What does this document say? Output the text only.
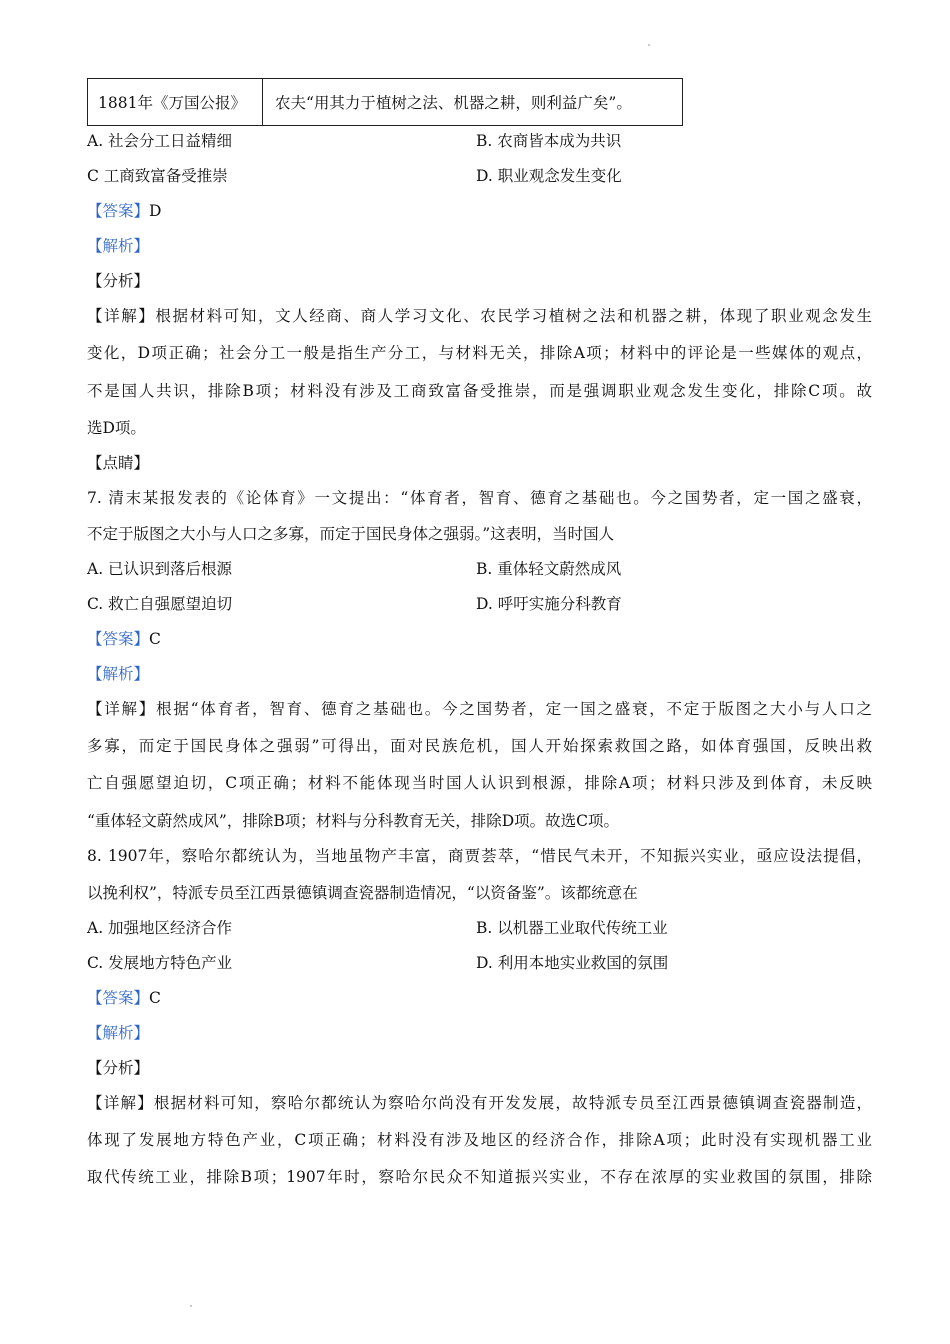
1881年《万国公报》	农夫“用其力于植树之法、机器之耕，则利益广矣”。
A. 社会分工日益精细	B. 农商皆本成为共识
C 工商致富备受推崇	D. 职业观念发生变化
【答案】D
【解析】
【分析】
【详解】根据材料可知，文人经商、商人学习文化、农民学习植树之法和机器之耕，体现了职业观念发生
变化，D项正确；社会分工一般是指生产分工，与材料无关，排除A项；材料中的评论是一些媒体的观点，
不是国人共识，排除B项；材料没有涉及工商致富备受推崇，而是强调职业观念发生变化，排除C项。故
选D项。
【点睛】
7. 清末某报发表的《论体育》一文提出：“体育者，智育、德育之基础也。今之国势者，定一国之盛衰，
不定于版图之大小与人口之多寡，而定于国民身体之强弱。”这表明，当时国人
A. 已认识到落后根源	B. 重体轻文蔚然成风
C. 救亡自强愿望迫切	D. 呼吁实施分科教育
【答案】C
【解析】
【详解】根据“体育者，智育、德育之基础也。今之国势者，定一国之盛衰，不定于版图之大小与人口之
多寡，而定于国民身体之强弱”可得出，面对民族危机，国人开始探索救国之路，如体育强国，反映出救
亡自强愿望迫切，C项正确；材料不能体现当时国人认识到根源，排除A项；材料只涉及到体育，未反映
“重体轻文蔚然成风”，排除B项；材料与分科教育无关，排除D项。故选C项。
8. 1907年，察哈尔都统认为，当地虽物产丰富，商贾荟萃，“惜民气未开，不知振兴实业，亟应设法提倡，
以挽利权”，特派专员至江西景德镇调查瓷器制造情况，“以资备鉴”。该都统意在
A. 加强地区经济合作	B. 以机器工业取代传统工业
C. 发展地方特色产业	D. 利用本地实业救国的氛围
【答案】C
【解析】
【分析】
【详解】根据材料可知，察哈尔都统认为察哈尔尚没有开发发展，故特派专员至江西景德镇调查瓷器制造，
体现了发展地方特色产业，C项正确；材料没有涉及地区的经济合作，排除A项；此时没有实现机器工业
取代传统工业，排除B项；1907年时，察哈尔民众不知道振兴实业，不存在浓厚的实业救国的氛围，排除
